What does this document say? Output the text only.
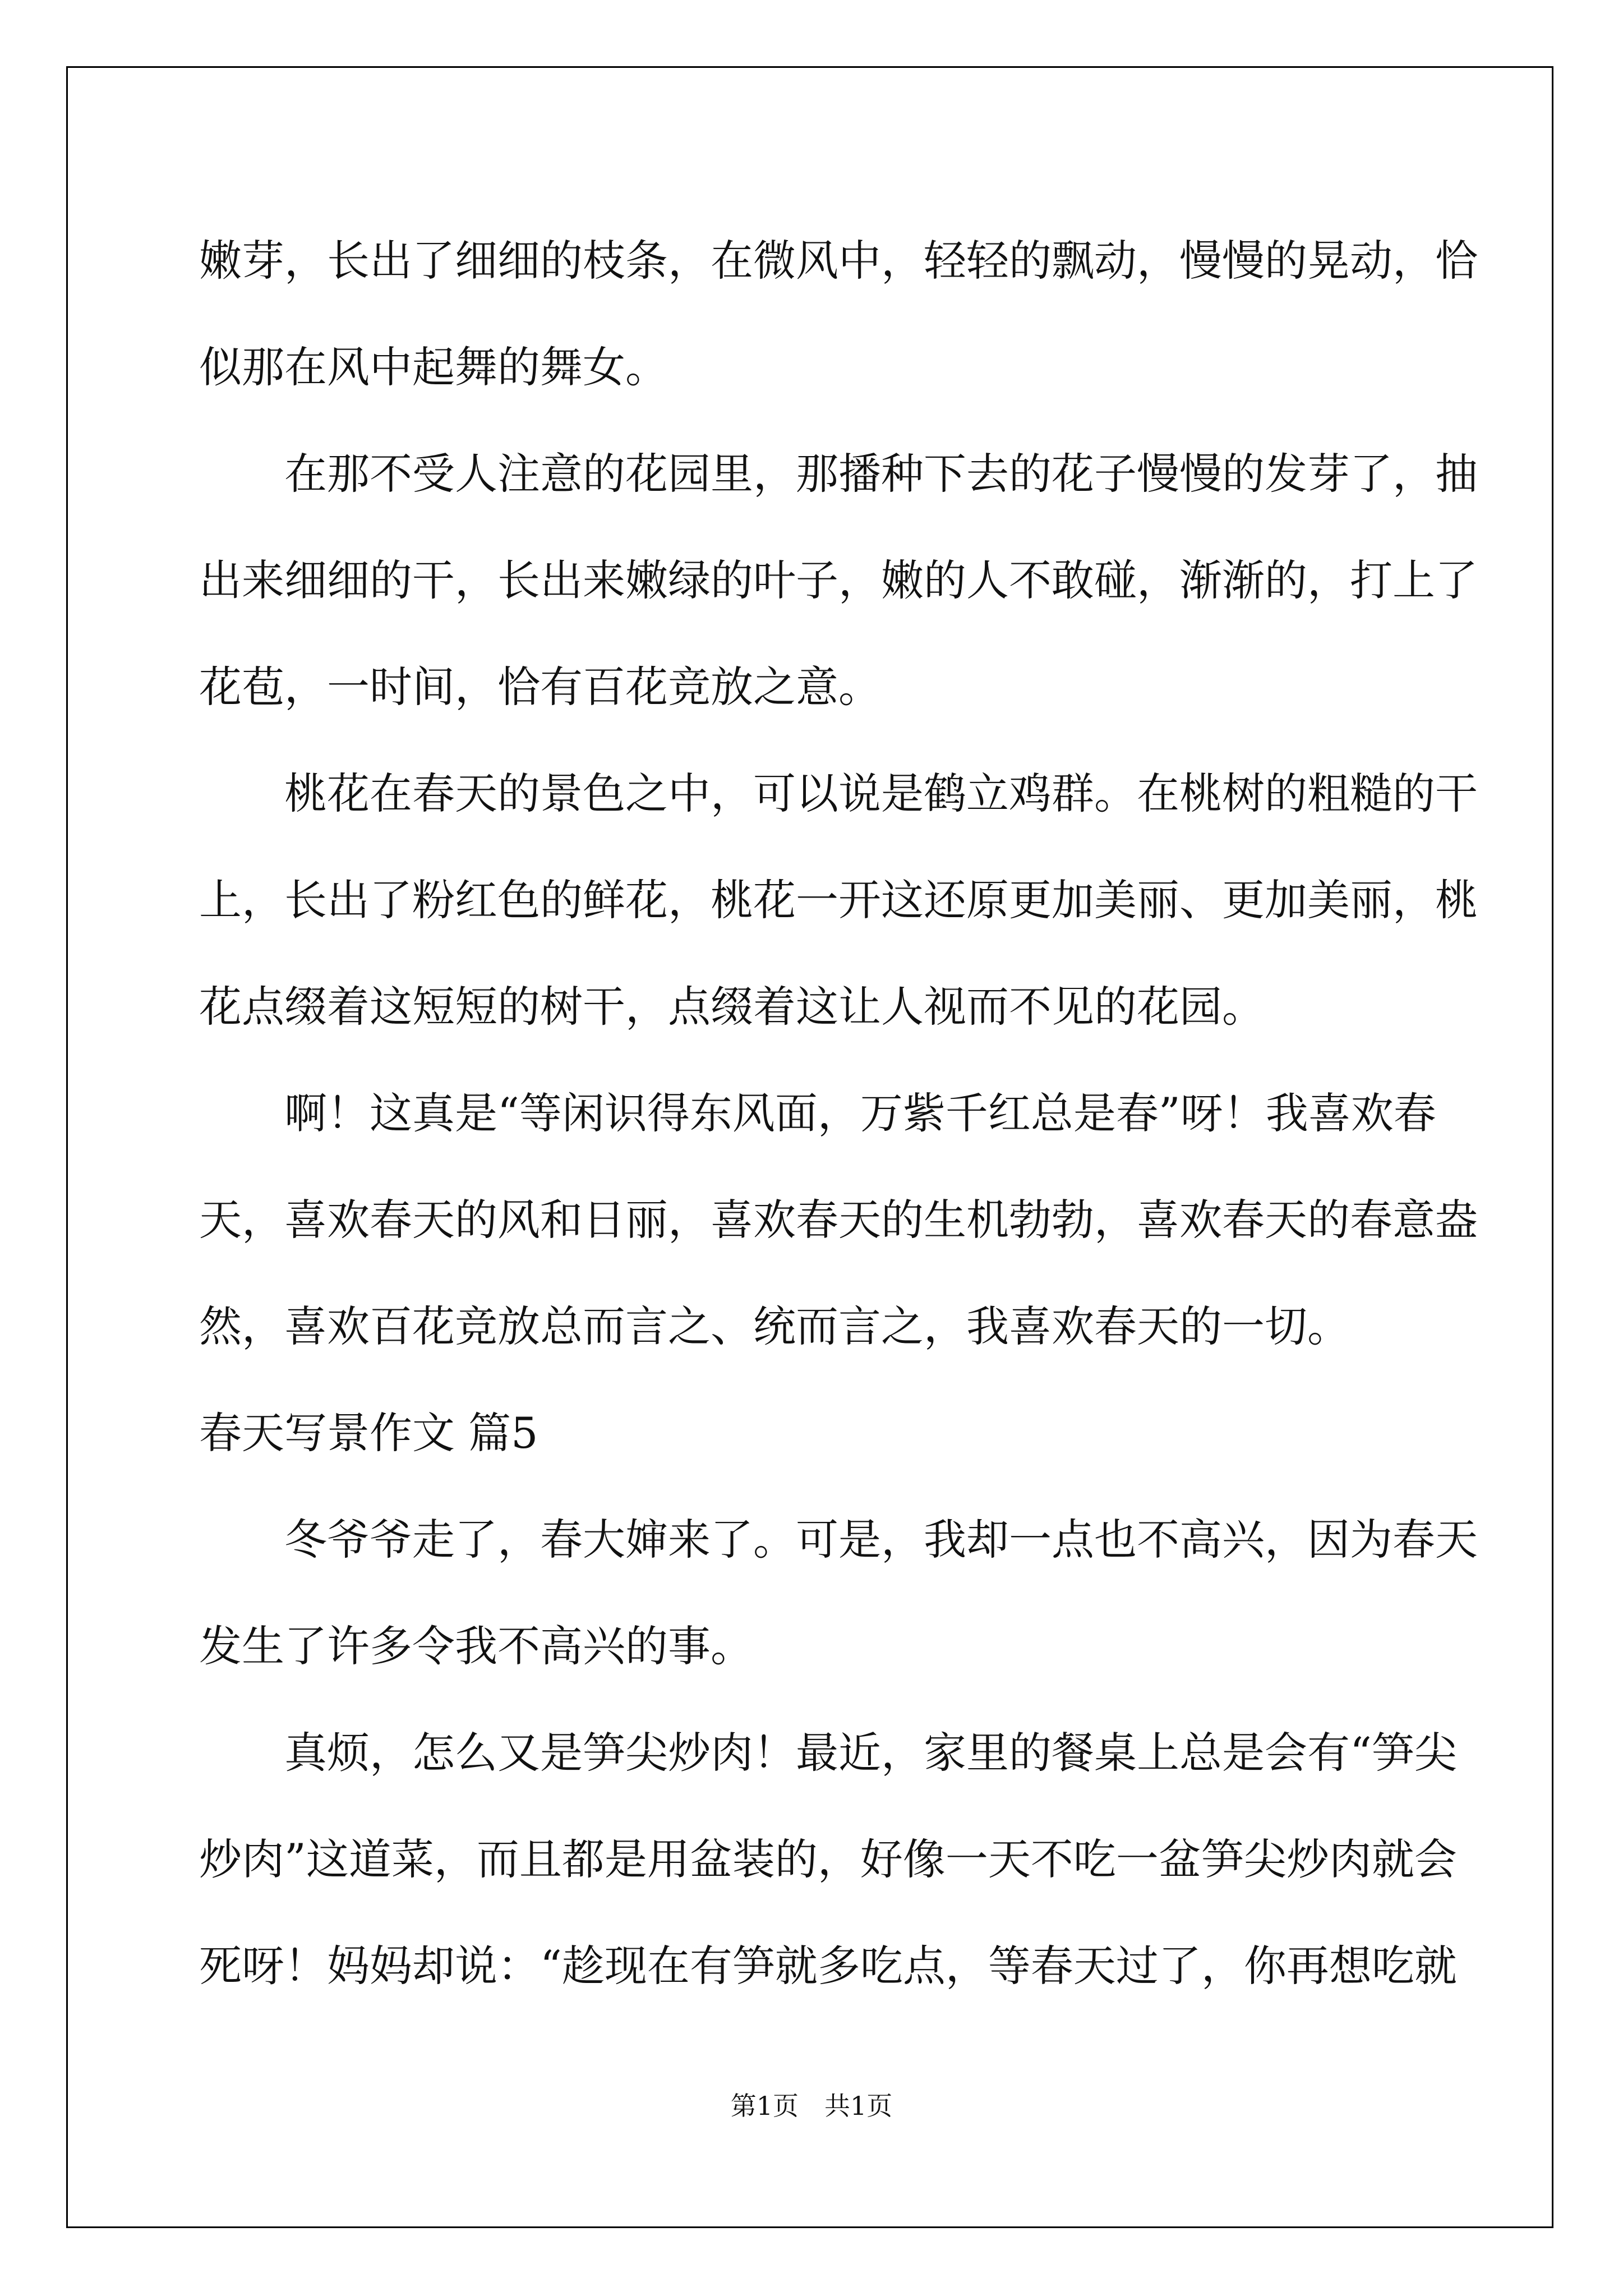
嫩芽，长出了细细的枝条，在微风中，轻轻的飘动，慢慢的晃动，恰
似那在风中起舞的舞女。
在那不受人注意的花园里，那播种下去的花子慢慢的发芽了，抽
出来细细的干，长出来嫩绿的叶子，嫩的人不敢碰，渐渐的，打上了
花苞，一时间，恰有百花竞放之意。
桃花在春天的景色之中，可以说是鹤立鸡群。在桃树的粗糙的干
上，长出了粉红色的鲜花，桃花一开这还原更加美丽、更加美丽，桃
花点缀着这短短的树干，点缀着这让人视而不见的花园。
啊！这真是“等闲识得东风面，万紫千红总是春”呀！我喜欢春
天，喜欢春天的风和日丽，喜欢春天的生机勃勃，喜欢春天的春意盎
然，喜欢百花竞放总而言之、统而言之，我喜欢春天的一切。
春天写景作文 篇5
冬爷爷走了，春大婶来了。可是，我却一点也不高兴，因为春天
发生了许多令我不高兴的事。
真烦，怎么又是笋尖炒肉！最近，家里的餐桌上总是会有“笋尖
炒肉”这道菜，而且都是用盆装的，好像一天不吃一盆笋尖炒肉就会
死呀！妈妈却说：“趁现在有笋就多吃点，等春天过了，你再想吃就
第1页　共1页
